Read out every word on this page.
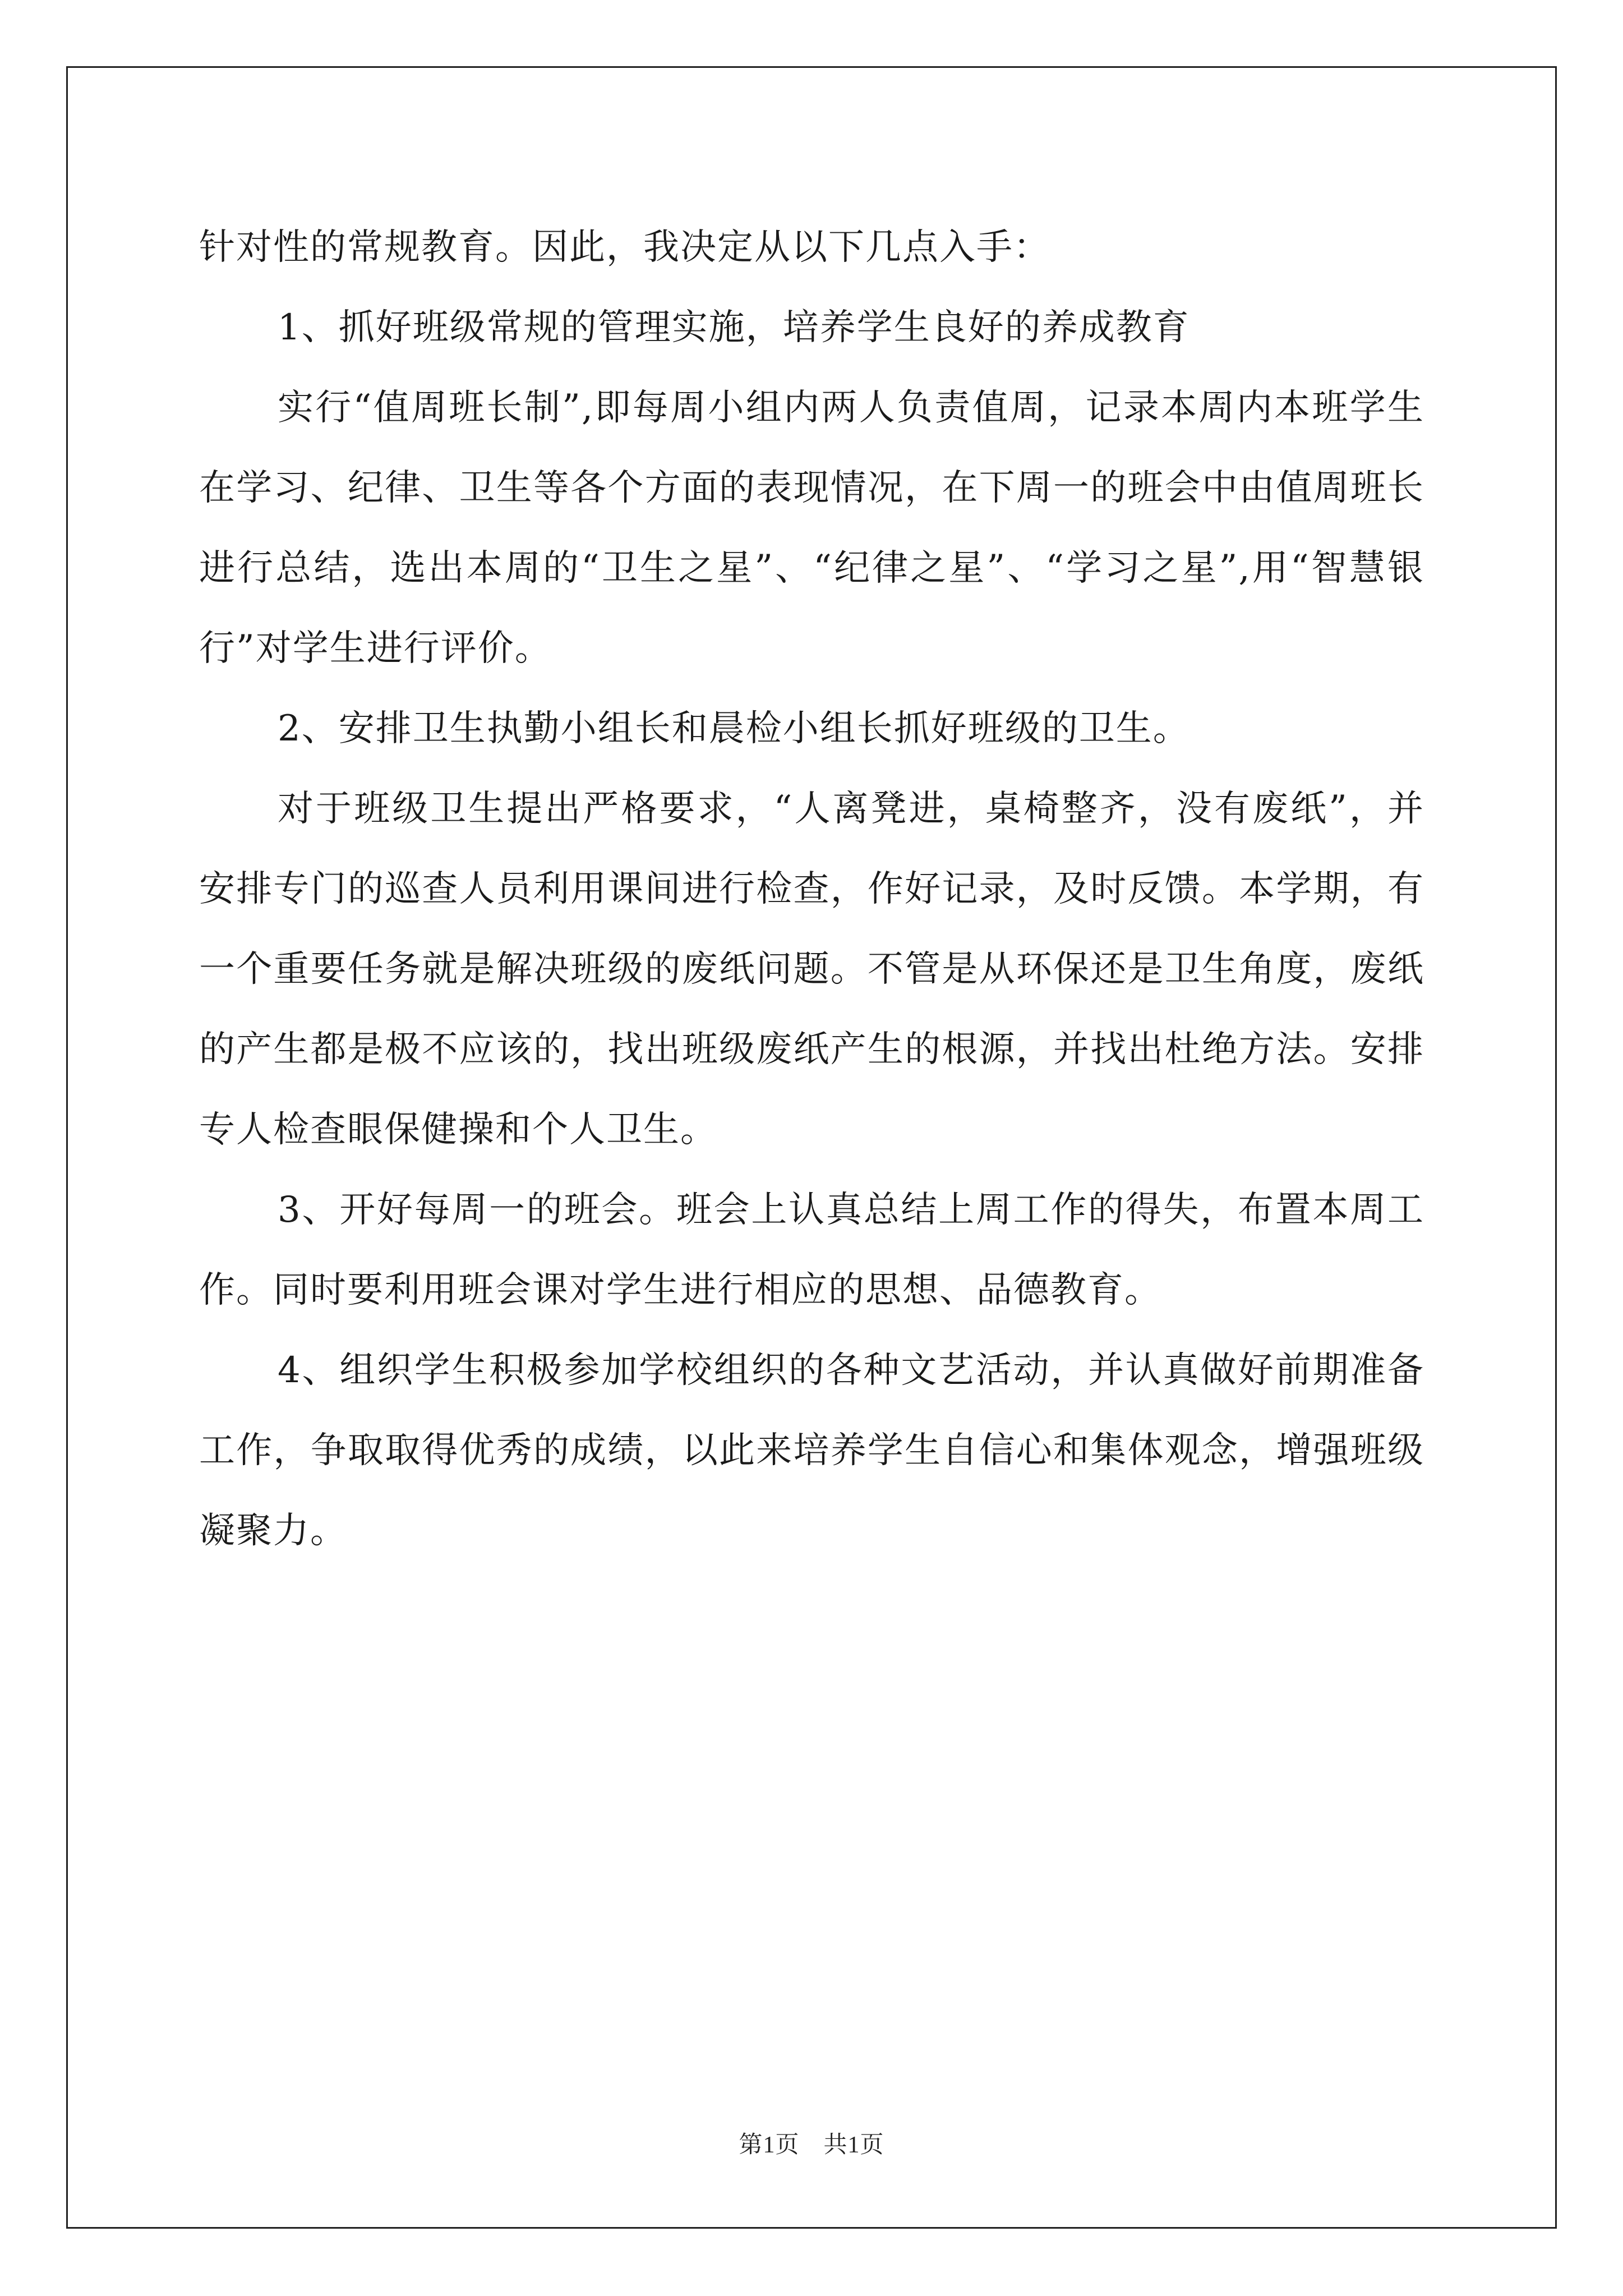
针对性的常规教育。因此，我决定从以下几点入手：

1、抓好班级常规的管理实施，培养学生良好的养成教育

实行“值周班长制”,即每周小组内两人负责值周，记录本周内本班学生在学习、纪律、卫生等各个方面的表现情况，在下周一的班会中由值周班长进行总结，选出本周的“卫生之星”、“纪律之星”、“学习之星”,用“智慧银行”对学生进行评价。

2、安排卫生执勤小组长和晨检小组长抓好班级的卫生。

对于班级卫生提出严格要求，“人离凳进，桌椅整齐，没有废纸”，并安排专门的巡查人员利用课间进行检查，作好记录，及时反馈。本学期，有一个重要任务就是解决班级的废纸问题。不管是从环保还是卫生角度，废纸的产生都是极不应该的，找出班级废纸产生的根源，并找出杜绝方法。安排专人检查眼保健操和个人卫生。

3、开好每周一的班会。班会上认真总结上周工作的得失，布置本周工作。同时要利用班会课对学生进行相应的思想、品德教育。

4、组织学生积极参加学校组织的各种文艺活动，并认真做好前期准备工作，争取取得优秀的成绩，以此来培养学生自信心和集体观念，增强班级凝聚力。

第1页　共1页
